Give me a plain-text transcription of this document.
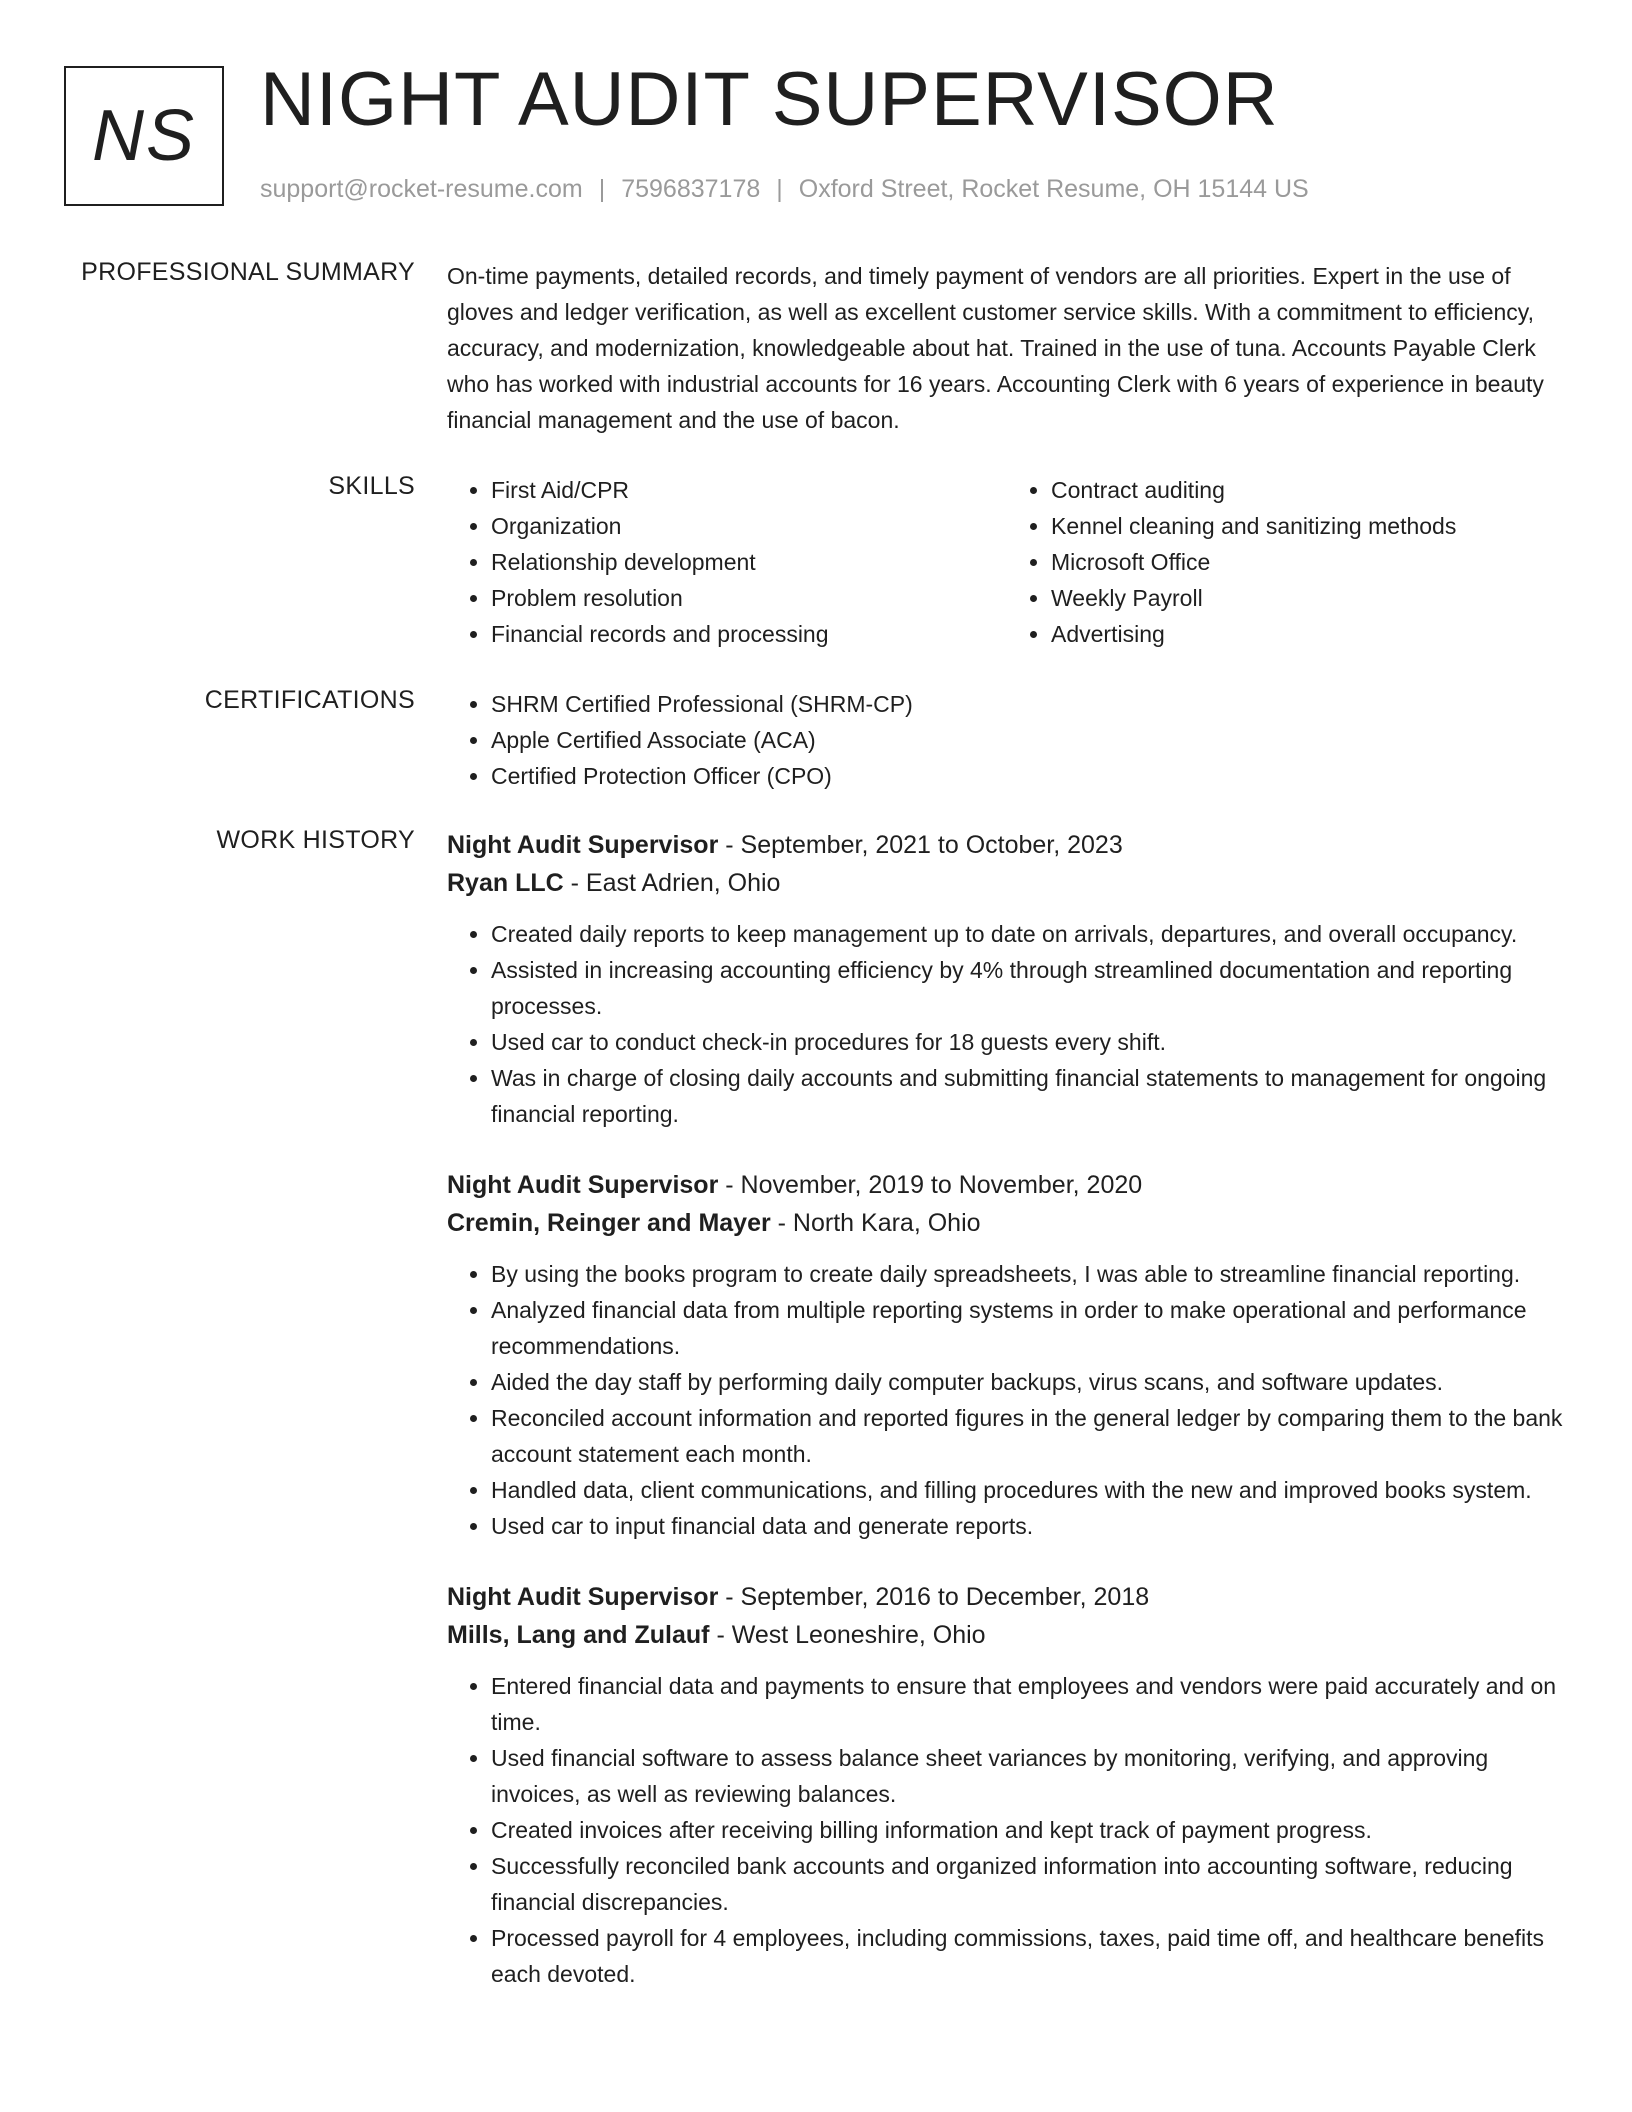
NS NIGHT AUDIT SUPERVISOR
support@rocket-resume.com | 7596837178 | Oxford Street, Rocket Resume, OH 15144 US
PROFESSIONAL SUMMARY On-time payments, detailed records, and timely payment of vendors are all priorities. Expert in the use of gloves and ledger verification, as well as excellent customer service skills. With a commitment to efficiency, accuracy, and modernization, knowledgeable about hat. Trained in the use of tuna. Accounts Payable Clerk who has worked with industrial accounts for 16 years. Accounting Clerk with 6 years of experience in beauty financial management and the use of bacon.

SKILLS	• First Aid/CPR
• Organization
• Relationship development
• Problem resolution
• Financial records and processing
• Contract auditing
• Kennel cleaning and sanitizing methods
• Microsoft Office
• Weekly Payroll
• Advertising
CERTIFICATIONS	• SHRM Certified Professional (SHRM-CP)
• Apple Certified Associate (ACA)
• Certified Protection Officer (CPO)
WORK HISTORY Night Audit Supervisor - September, 2021 to October, 2023

Ryan LLC - East Adrien, Ohio

• Created daily reports to keep management up to date on arrivals, departures, and overall occupancy.
• Assisted in increasing accounting efficiency by 4% through streamlined documentation and reporting processes.
• Used car to conduct check-in procedures for 18 guests every shift.
• Was in charge of closing daily accounts and submitting financial statements to management for ongoing financial reporting.

Night Audit Supervisor - November, 2019 to November, 2020

Cremin, Reinger and Mayer - North Kara, Ohio

• By using the books program to create daily spreadsheets, I was able to streamline financial reporting.
• Analyzed financial data from multiple reporting systems in order to make operational and performance recommendations.
• Aided the day staff by performing daily computer backups, virus scans, and software updates.
• Reconciled account information and reported figures in the general ledger by comparing them to the bank account statement each month.
• Handled data, client communications, and filling procedures with the new and improved books system.
• Used car to input financial data and generate reports.

Night Audit Supervisor - September, 2016 to December, 2018

Mills, Lang and Zulauf - West Leoneshire, Ohio

• Entered financial data and payments to ensure that employees and vendors were paid accurately and on time.
• Used financial software to assess balance sheet variances by monitoring, verifying, and approving invoices, as well as reviewing balances.
• Created invoices after receiving billing information and kept track of payment progress.
• Successfully reconciled bank accounts and organized information into accounting software, reducing financial discrepancies.
• Processed payroll for 4 employees, including commissions, taxes, paid time off, and healthcare benefits each devoted.
